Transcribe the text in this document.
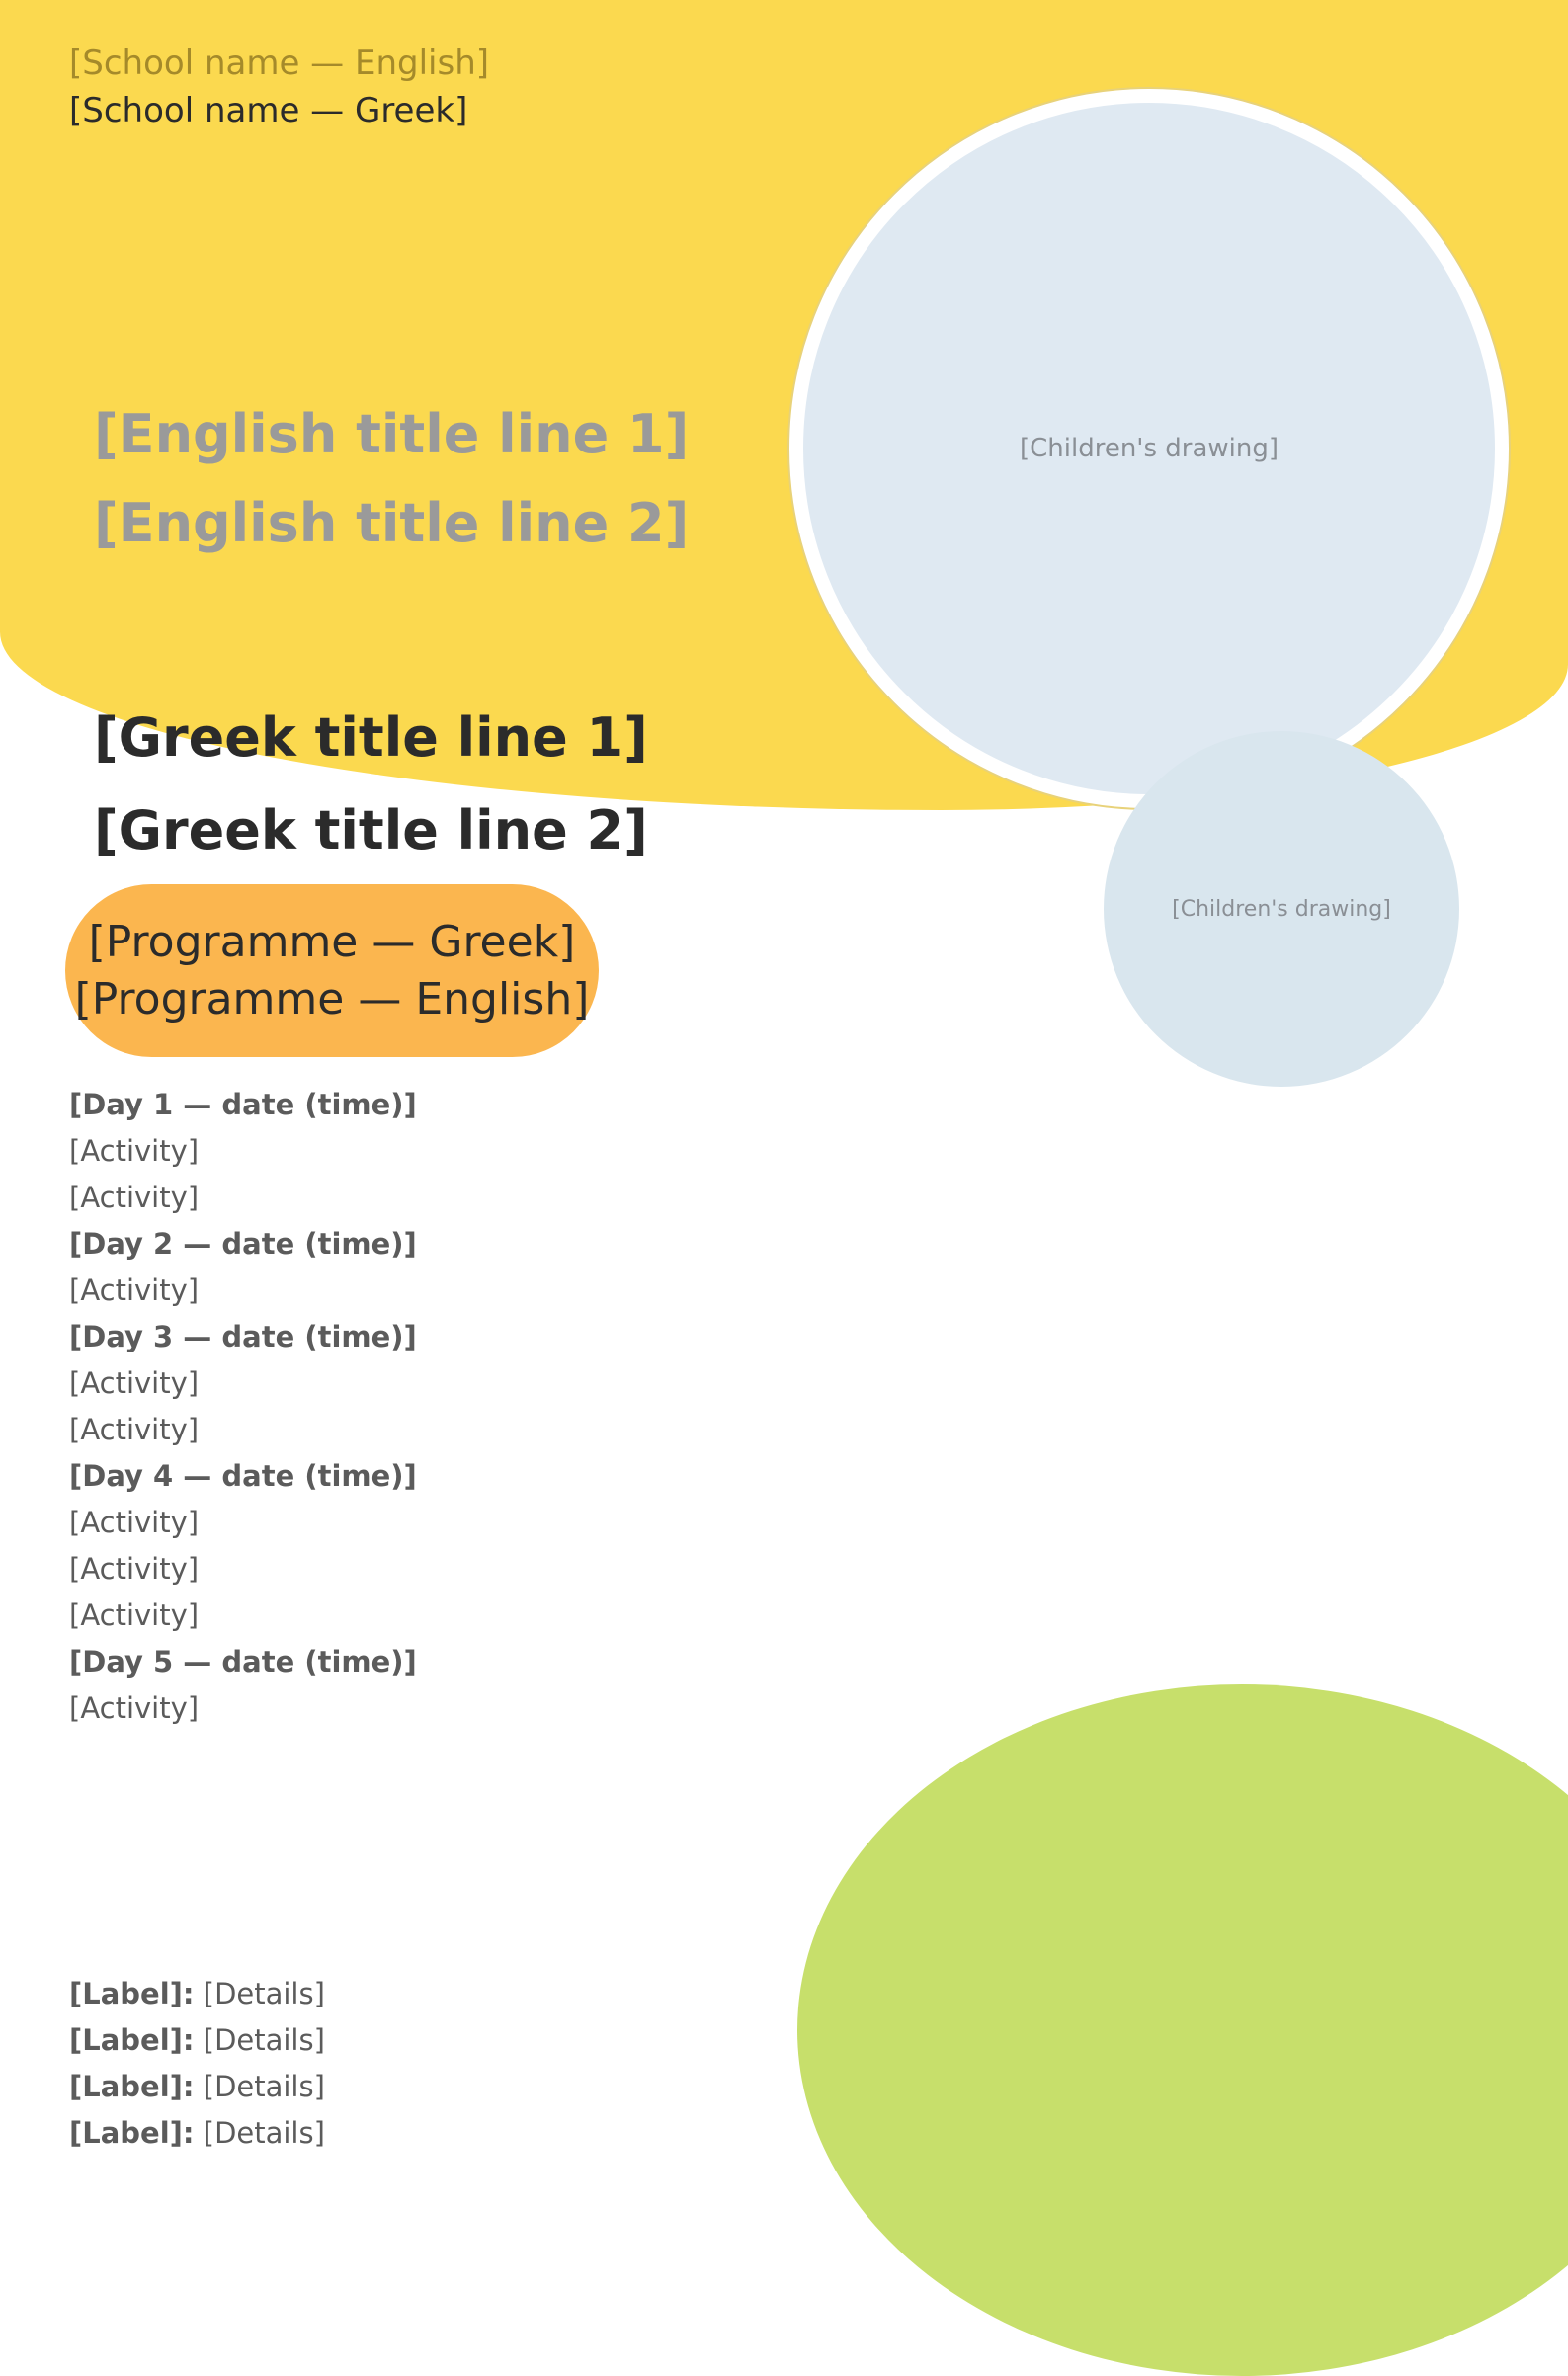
[School name — English]
[School name — Greek]
[Children's drawing]
[Children's drawing]
[English title line 1]
[English title line 2]
[Greek title line 1]
[Greek title line 2]
[Programme — Greek]
[Programme — English]
[Day 1 — date (time)]
[Activity]
[Activity]
[Day 2 — date (time)]
[Activity]
[Day 3 — date (time)]
[Activity]
[Activity]
[Day 4 — date (time)]
[Activity]
[Activity]
[Activity]
[Day 5 — date (time)]
[Activity]
[Label]: [Details]
[Label]: [Details]
[Label]: [Details]
[Label]: [Details]
